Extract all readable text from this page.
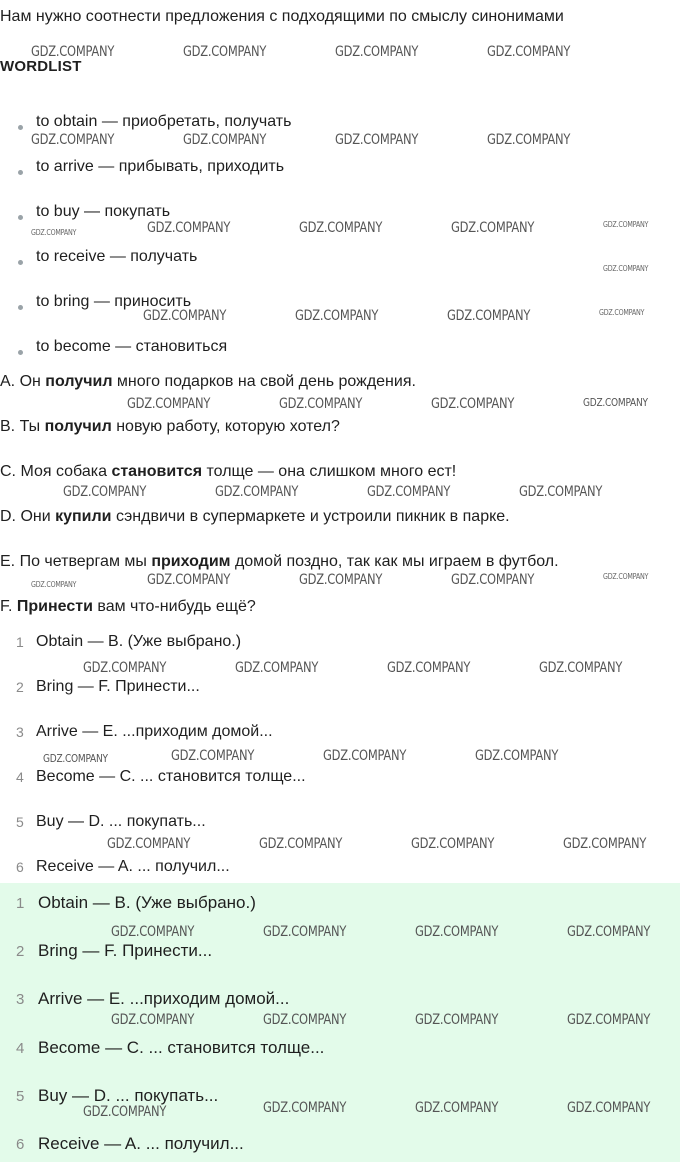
Нам нужно соотнести предложения с подходящими по смыслу синонимами
WORDLIST
to obtain — приобретать, получать
to arrive — прибывать, приходить
to buy — покупать
to receive — получать
to bring — приносить
to become — становиться
A. Он получил много подарков на свой день рождения.
B. Ты получил новую работу, которую хотел?
C. Моя собака становится толще — она слишком много ест!
D. Они купили сэндвичи в супермаркете и устроили пикник в парке.
E. По четвергам мы приходим домой поздно, так как мы играем в футбол.
F. Принести вам что-нибудь ещё?
1 Obtain — B. (Уже выбрано.)
2 Bring — F. Принести...
3 Arrive — E. ...приходим домой...
4 Become — C. ... становится толще...
5 Buy — D. ... покупать...
6 Receive — A. ... получил...
1 Obtain — B. (Уже выбрано.)
2 Bring — F. Принести...
3 Arrive — E. ...приходим домой...
4 Become — C. ... становится толще...
5 Buy — D. ... покупать...
6 Receive — A. ... получил...
GDZ.COMPANY	GDZ.COMPANY	GDZ.COMPANY	GDZ.COMPANY
GDZ.COMPANY	GDZ.COMPANY	GDZ.COMPANY	GDZ.COMPANY
GDZ.COMPANY	GDZ.COMPANY	GDZ.COMPANY	GDZ.COMPANY	GDZ.COMPANY
GDZ.COMPANY
GDZ.COMPANY	GDZ.COMPANY	GDZ.COMPANY	GDZ.COMPANY
GDZ.COMPANY	GDZ.COMPANY	GDZ.COMPANY	GDZ.COMPANY
GDZ.COMPANY	GDZ.COMPANY	GDZ.COMPANY	GDZ.COMPANY
GDZ.COMPANY	GDZ.COMPANY	GDZ.COMPANY	GDZ.COMPANY	GDZ.COMPANY
GDZ.COMPANY	GDZ.COMPANY	GDZ.COMPANY	GDZ.COMPANY
GDZ.COMPANY	GDZ.COMPANY	GDZ.COMPANY	GDZ.COMPANY
GDZ.COMPANY	GDZ.COMPANY	GDZ.COMPANY	GDZ.COMPANY
GDZ.COMPANY	GDZ.COMPANY	GDZ.COMPANY	GDZ.COMPANY
GDZ.COMPANY	GDZ.COMPANY	GDZ.COMPANY	GDZ.COMPANY
GDZ.COMPANY	GDZ.COMPANY	GDZ.COMPANY	GDZ.COMPANY
